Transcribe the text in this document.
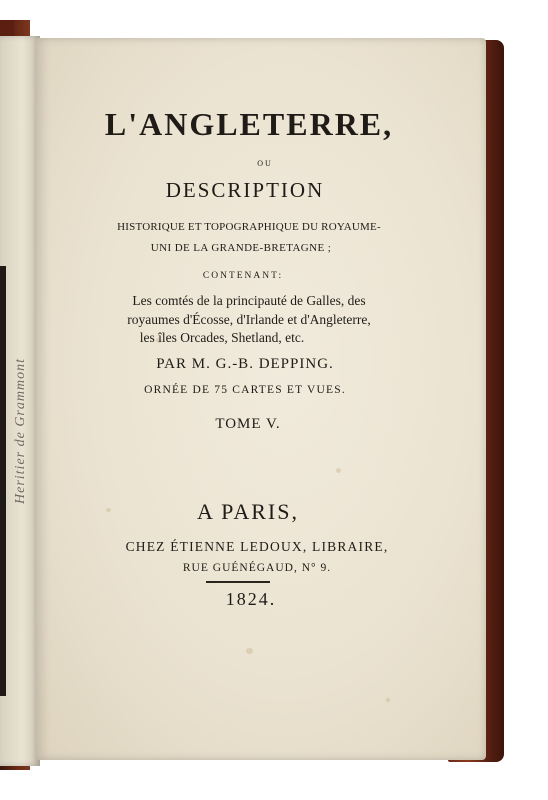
Heritier de Grammont
L'ANGLETERRE,
ou
DESCRIPTION
HISTORIQUE ET TOPOGRAPHIQUE DU ROYAUME-
UNI DE LA GRANDE-BRETAGNE ;
CONTENANT:
Les comtés de la principauté de Galles, des
royaumes d'Écosse, d'Irlande et d'Angleterre,
les îles Orcades, Shetland, etc.
PAR M. G.-B. DEPPING.
ORNÉE DE 75 CARTES ET VUES.
TOME V.
A PARIS,
CHEZ ÉTIENNE LEDOUX, LIBRAIRE,
RUE GUÉNÉGAUD, N° 9.
1824.
